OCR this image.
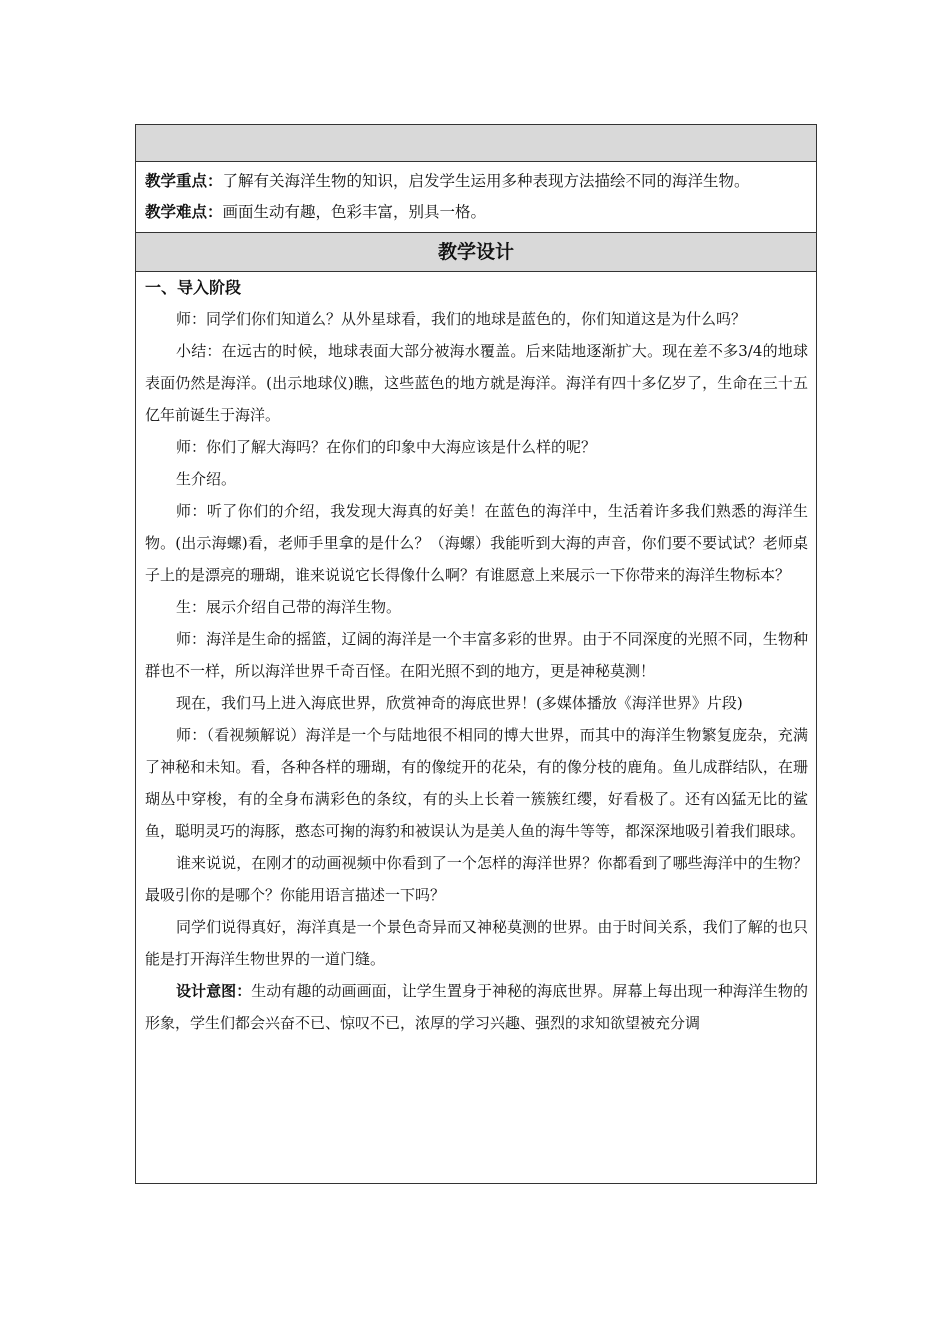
教学重点：了解有关海洋生物的知识，启发学生运用多种表现方法描绘不同的海洋生物。
教学难点：画面生动有趣，色彩丰富，别具一格。
教学设计
一、导入阶段

师：同学们你们知道么？从外星球看，我们的地球是蓝色的，你们知道这是为什么吗？

小结：在远古的时候，地球表面大部分被海水覆盖。后来陆地逐渐扩大。现在差不多3/4的地球表面仍然是海洋。(出示地球仪)瞧，这些蓝色的地方就是海洋。海洋有四十多亿岁了，生命在三十五亿年前诞生于海洋。

师：你们了解大海吗？在你们的印象中大海应该是什么样的呢？

生介绍。

师：听了你们的介绍，我发现大海真的好美！在蓝色的海洋中，生活着许多我们熟悉的海洋生物。(出示海螺)看，老师手里拿的是什么？（海螺）我能听到大海的声音，你们要不要试试？老师桌子上的是漂亮的珊瑚，谁来说说它长得像什么啊？有谁愿意上来展示一下你带来的海洋生物标本？

生：展示介绍自己带的海洋生物。

师：海洋是生命的摇篮，辽阔的海洋是一个丰富多彩的世界。由于不同深度的光照不同，生物种群也不一样，所以海洋世界千奇百怪。在阳光照不到的地方，更是神秘莫测！

现在，我们马上进入海底世界，欣赏神奇的海底世界！(多媒体播放《海洋世界》片段)

师：（看视频解说）海洋是一个与陆地很不相同的博大世界，而其中的海洋生物繁复庞杂，充满了神秘和未知。看，各种各样的珊瑚，有的像绽开的花朵，有的像分枝的鹿角。鱼儿成群结队，在珊瑚丛中穿梭，有的全身布满彩色的条纹，有的头上长着一簇簇红缨，好看极了。还有凶猛无比的鲨鱼，聪明灵巧的海豚，憨态可掬的海豹和被误认为是美人鱼的海牛等等，都深深地吸引着我们眼球。

谁来说说，在刚才的动画视频中你看到了一个怎样的海洋世界？你都看到了哪些海洋中的生物？最吸引你的是哪个？你能用语言描述一下吗？

同学们说得真好，海洋真是一个景色奇异而又神秘莫测的世界。由于时间关系，我们了解的也只能是打开海洋生物世界的一道门缝。

设计意图：生动有趣的动画画面，让学生置身于神秘的海底世界。屏幕上每出现一种海洋生物的形象，学生们都会兴奋不已、惊叹不已，浓厚的学习兴趣、强烈的求知欲望被充分调
